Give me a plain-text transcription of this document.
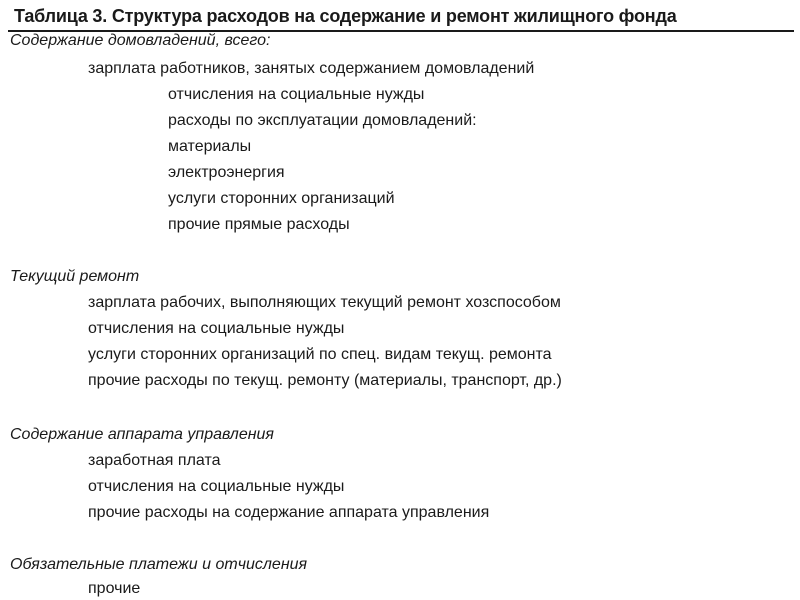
Таблица 3. Структура расходов на содержание и ремонт жилищного фонда
Содержание домовладений, всего:
зарплата работников, занятых содержанием домовладений
отчисления на социальные нужды
расходы по эксплуатации домовладений:
материалы
электроэнергия
услуги сторонних организаций
прочие прямые расходы
Текущий ремонт
зарплата рабочих, выполняющих текущий ремонт хозспособом
отчисления на социальные нужды
услуги сторонних организаций по спец. видам текущ. ремонта
прочие расходы по текущ. ремонту (материалы, транспорт, др.)
Содержание аппарата управления
заработная плата
отчисления на социальные нужды
прочие расходы на содержание аппарата управления
Обязательные платежи и отчисления
прочие
